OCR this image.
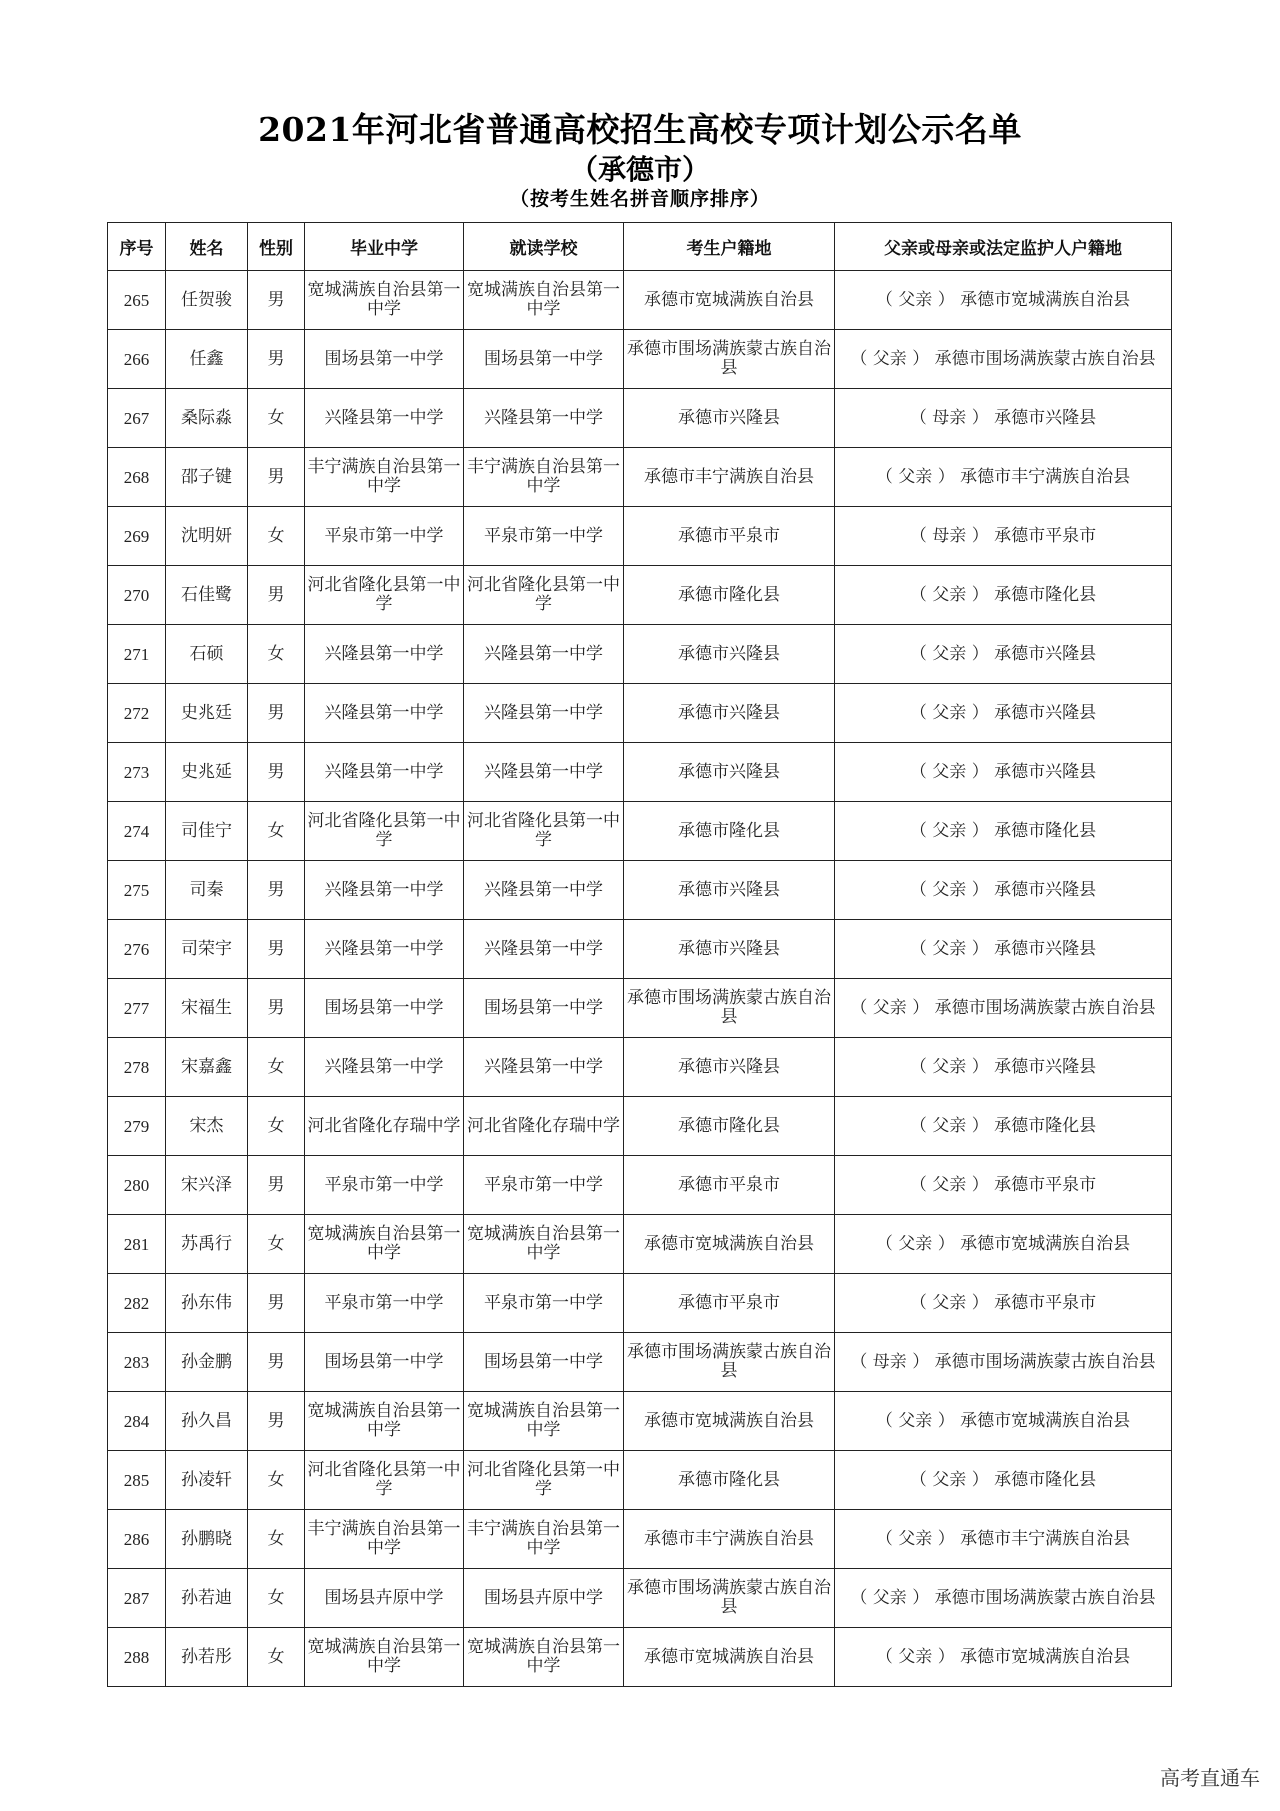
2021年河北省普通高校招生高校专项计划公示名单
（承德市）
（按考生姓名拼音顺序排序）
序号	姓名	性别	毕业中学	就读学校	考生户籍地	父亲或母亲或法定监护人户籍地
265	任贺骏	男	宽城满族自治县第一中学	宽城满族自治县第一中学	承德市宽城满族自治县	（ 父亲 ） 承德市宽城满族自治县
266	任鑫	男	围场县第一中学	围场县第一中学	承德市围场满族蒙古族自治县	（ 父亲 ） 承德市围场满族蒙古族自治县
267	桑际淼	女	兴隆县第一中学	兴隆县第一中学	承德市兴隆县	（ 母亲 ） 承德市兴隆县
268	邵子键	男	丰宁满族自治县第一中学	丰宁满族自治县第一中学	承德市丰宁满族自治县	（ 父亲 ） 承德市丰宁满族自治县
269	沈明妍	女	平泉市第一中学	平泉市第一中学	承德市平泉市	（ 母亲 ） 承德市平泉市
270	石佳鹭	男	河北省隆化县第一中学	河北省隆化县第一中学	承德市隆化县	（ 父亲 ） 承德市隆化县
271	石硕	女	兴隆县第一中学	兴隆县第一中学	承德市兴隆县	（ 父亲 ） 承德市兴隆县
272	史兆廷	男	兴隆县第一中学	兴隆县第一中学	承德市兴隆县	（ 父亲 ） 承德市兴隆县
273	史兆延	男	兴隆县第一中学	兴隆县第一中学	承德市兴隆县	（ 父亲 ） 承德市兴隆县
274	司佳宁	女	河北省隆化县第一中学	河北省隆化县第一中学	承德市隆化县	（ 父亲 ） 承德市隆化县
275	司秦	男	兴隆县第一中学	兴隆县第一中学	承德市兴隆县	（ 父亲 ） 承德市兴隆县
276	司荣宇	男	兴隆县第一中学	兴隆县第一中学	承德市兴隆县	（ 父亲 ） 承德市兴隆县
277	宋福生	男	围场县第一中学	围场县第一中学	承德市围场满族蒙古族自治县	（ 父亲 ） 承德市围场满族蒙古族自治县
278	宋嘉鑫	女	兴隆县第一中学	兴隆县第一中学	承德市兴隆县	（ 父亲 ） 承德市兴隆县
279	宋杰	女	河北省隆化存瑞中学	河北省隆化存瑞中学	承德市隆化县	（ 父亲 ） 承德市隆化县
280	宋兴泽	男	平泉市第一中学	平泉市第一中学	承德市平泉市	（ 父亲 ） 承德市平泉市
281	苏禹行	女	宽城满族自治县第一中学	宽城满族自治县第一中学	承德市宽城满族自治县	（ 父亲 ） 承德市宽城满族自治县
282	孙东伟	男	平泉市第一中学	平泉市第一中学	承德市平泉市	（ 父亲 ） 承德市平泉市
283	孙金鹏	男	围场县第一中学	围场县第一中学	承德市围场满族蒙古族自治县	（ 母亲 ） 承德市围场满族蒙古族自治县
284	孙久昌	男	宽城满族自治县第一中学	宽城满族自治县第一中学	承德市宽城满族自治县	（ 父亲 ） 承德市宽城满族自治县
285	孙凌轩	女	河北省隆化县第一中学	河北省隆化县第一中学	承德市隆化县	（ 父亲 ） 承德市隆化县
286	孙鹏晓	女	丰宁满族自治县第一中学	丰宁满族自治县第一中学	承德市丰宁满族自治县	（ 父亲 ） 承德市丰宁满族自治县
287	孙若迪	女	围场县卉原中学	围场县卉原中学	承德市围场满族蒙古族自治县	（ 父亲 ） 承德市围场满族蒙古族自治县
288	孙若彤	女	宽城满族自治县第一中学	宽城满族自治县第一中学	承德市宽城满族自治县	（ 父亲 ） 承德市宽城满族自治县
高考直通车
